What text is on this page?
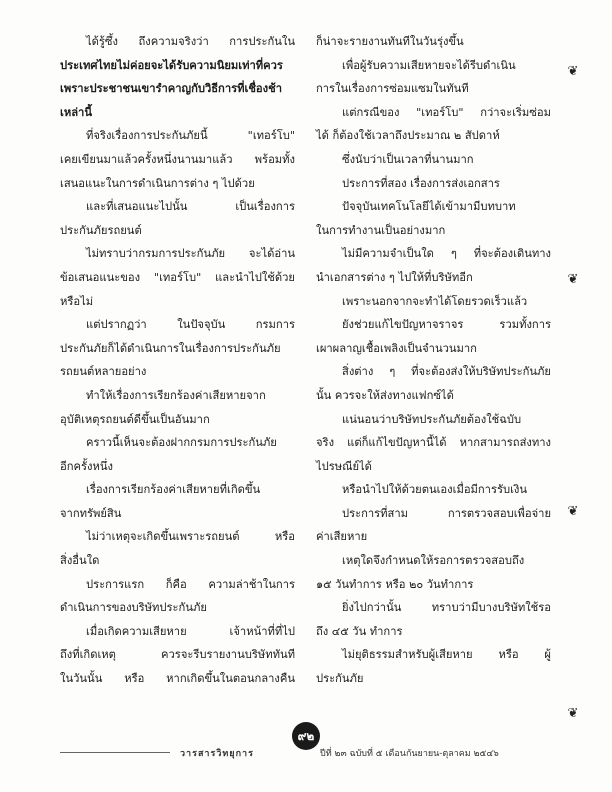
ได้รู้ซึ้ง ถึงความจริงว่า การประกันใน

ประเทศไทยไม่ค่อยจะได้รับความนิยมเท่าที่ควร

เพราะประชาชนเขารำคาญกับวิธีการที่เชื่องช้า

เหล่านี้

ที่จริงเรื่องการประกันภัยนี้ "เทอร์โบ"

เคยเขียนมาแล้วครั้งหนึ่งนานมาแล้ว พร้อมทั้ง

เสนอแนะในการดำเนินการต่าง ๆ ไปด้วย

และที่เสนอแนะไปนั้น เป็นเรื่องการ

ประกันภัยรถยนต์

ไม่ทราบว่ากรมการประกันภัย จะได้อ่าน

ข้อเสนอแนะของ "เทอร์โบ" และนำไปใช้ด้วย

หรือไม่

แต่ปรากฏว่า ในปัจจุบัน กรมการ

ประกันภัยก็ได้ดำเนินการในเรื่องการประกันภัย

รถยนต์หลายอย่าง

ทำให้เรื่องการเรียกร้องค่าเสียหายจาก

อุบัติเหตุรถยนต์ดีขึ้นเป็นอันมาก

คราวนี้เห็นจะต้องฝากกรมการประกันภัย

อีกครั้งหนึ่ง

เรื่องการเรียกร้องค่าเสียหายที่เกิดขึ้น

จากทรัพย์สิน

ไม่ว่าเหตุจะเกิดขึ้นเพราะรถยนต์ หรือ

สิ่งอื่นใด

ประการแรก ก็คือ ความล่าช้าในการ

ดำเนินการของบริษัทประกันภัย

เมื่อเกิดความเสียหาย เจ้าหน้าที่ที่ไป

ถึงที่เกิดเหตุ ควรจะรีบรายงานบริษัททันที

ในวันนั้น หรือ หากเกิดขึ้นในตอนกลางคืน

ก็น่าจะรายงานทันทีในวันรุ่งขึ้น

เพื่อผู้รับความเสียหายจะได้รีบดำเนิน

การในเรื่องการซ่อมแซมในทันที

แต่กรณีของ "เทอร์โบ" กว่าจะเริ่มซ่อม

ได้ ก็ต้องใช้เวลาถึงประมาณ ๒ สัปดาห์

ซึ่งนับว่าเป็นเวลาที่นานมาก

ประการที่สอง เรื่องการส่งเอกสาร

ปัจจุบันเทคโนโลยีได้เข้ามามีบทบาท

ในการทำงานเป็นอย่างมาก

ไม่มีความจำเป็นใด ๆ ที่จะต้องเดินทาง

นำเอกสารต่าง ๆ ไปให้ที่บริษัทอีก

เพราะนอกจากจะทำได้โดยรวดเร็วแล้ว

ยังช่วยแก้ไขปัญหาจราจร รวมทั้งการ

เผาผลาญเชื้อเพลิงเป็นจำนวนมาก

สิ่งต่าง ๆ ที่จะต้องส่งให้บริษัทประกันภัย

นั้น ควรจะให้ส่งทางแฟกซ์ได้

แน่นอนว่าบริษัทประกันภัยต้องใช้ฉบับ

จริง แต่ก็แก้ไขปัญหานี้ได้ หากสามารถส่งทาง

ไปรษณีย์ได้

หรือนำไปให้ด้วยตนเองเมื่อมีการรับเงิน

ประการที่สาม การตรวจสอบเพื่อจ่าย

ค่าเสียหาย

เหตุใดจึงกำหนดให้รอการตรวจสอบถึง

๑๕ วันทำการ หรือ ๒๐ วันทำการ

ยิ่งไปกว่านั้น ทราบว่ามีบางบริษัทใช้รอ

ถึง ๔๕ วัน ทำการ

ไม่ยุติธรรมสำหรับผู้เสียหาย หรือ ผู้

ประกันภัย

❦
❦
❦
❦
๙๒
วารสารวิทยุการ	ปีที่ ๒๓ ฉบับที่ ๕ เดือนกันยายน-ตุลาคม ๒๕๔๖
